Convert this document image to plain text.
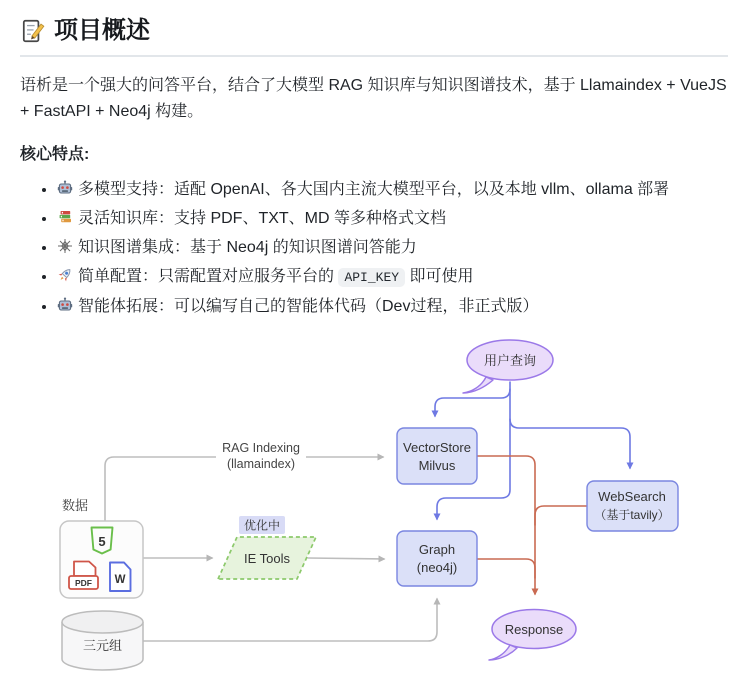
项目概述

语析是一个强大的问答平台，结合了大模型 RAG 知识库与知识图谱技术，基于 Llamaindex + VueJS + FastAPI + Neo4j 构建。

核心特点:

• 多模型支持：适配 OpenAI、各大国内主流大模型平台，以及本地 vllm、ollama 部署
• 灵活知识库：支持 PDF、TXT、MD 等多种格式文档
• 知识图谱集成：基于 Neo4j 的知识图谱问答能力
• 简单配置：只需配置对应服务平台的 API_KEY 即可使用
• 智能体拓展：可以编写自己的智能体代码（Dev过程，非正式版）
RAG Indexing
(llamaindex)
用户查询
VectorStore
Milvus
WebSearch
（基于tavily）
Graph
(neo4j)
数据
5
PDF W
优化中
IE Tools
三元组
Response
